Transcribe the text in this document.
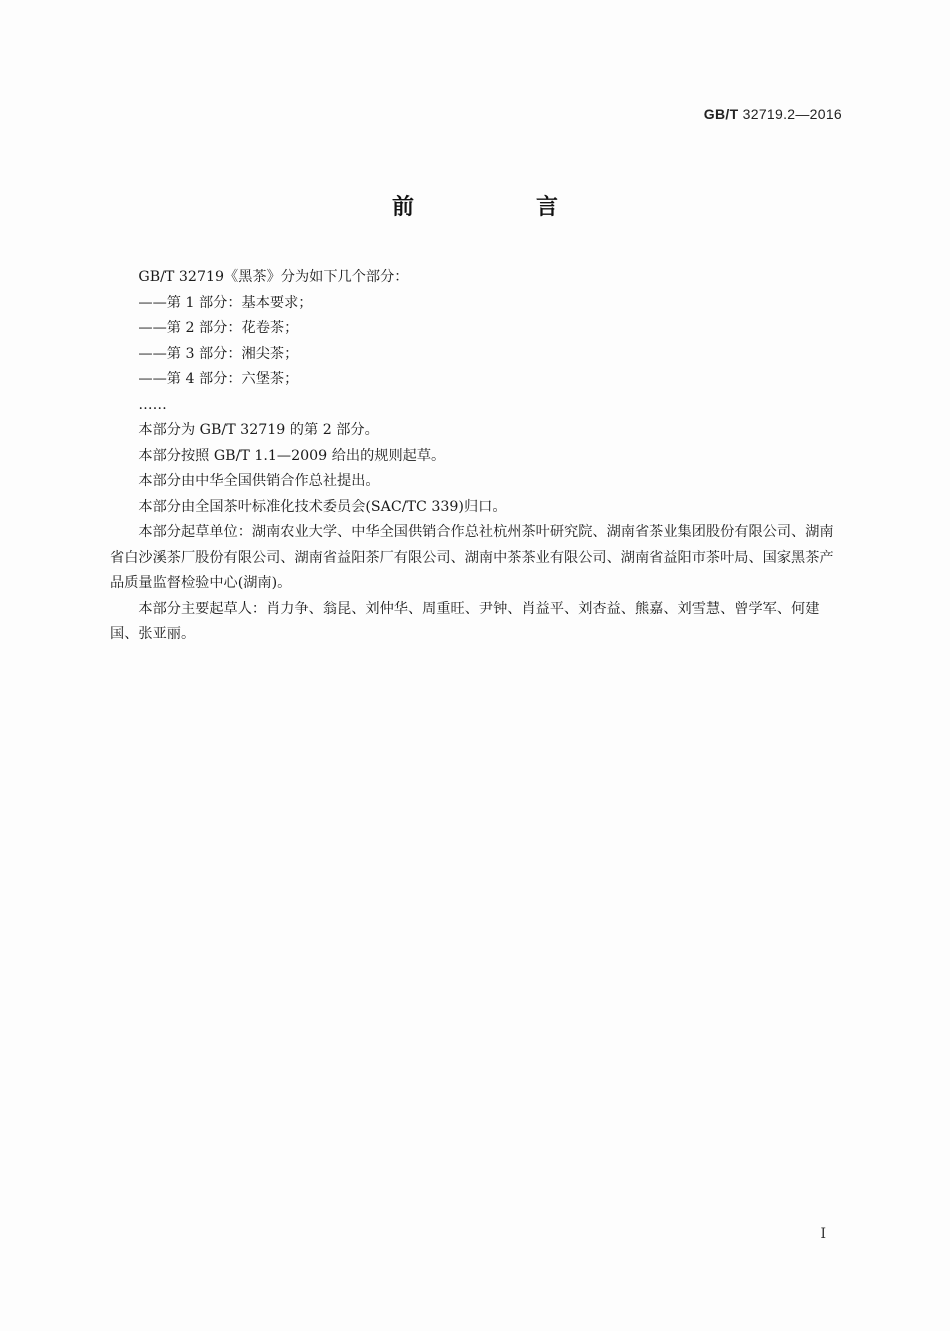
GB/T 32719.2—2016
前　言

GB/T 32719《黑茶》分为如下几个部分：

——第 1 部分：基本要求；

——第 2 部分：花卷茶；

——第 3 部分：湘尖茶；

——第 4 部分：六堡茶；

……

本部分为 GB/T 32719 的第 2 部分。

本部分按照 GB/T 1.1—2009 给出的规则起草。

本部分由中华全国供销合作总社提出。

本部分由全国茶叶标准化技术委员会(SAC/TC 339)归口。

本部分起草单位：湖南农业大学、中华全国供销合作总社杭州茶叶研究院、湖南省茶业集团股份有限公司、湖南省白沙溪茶厂股份有限公司、湖南省益阳茶厂有限公司、湖南中茶茶业有限公司、湖南省益阳市茶叶局、国家黑茶产品质量监督检验中心(湖南)。

本部分主要起草人：肖力争、翁昆、刘仲华、周重旺、尹钟、肖益平、刘杏益、熊嘉、刘雪慧、曾学军、何建国、张亚丽。

I
